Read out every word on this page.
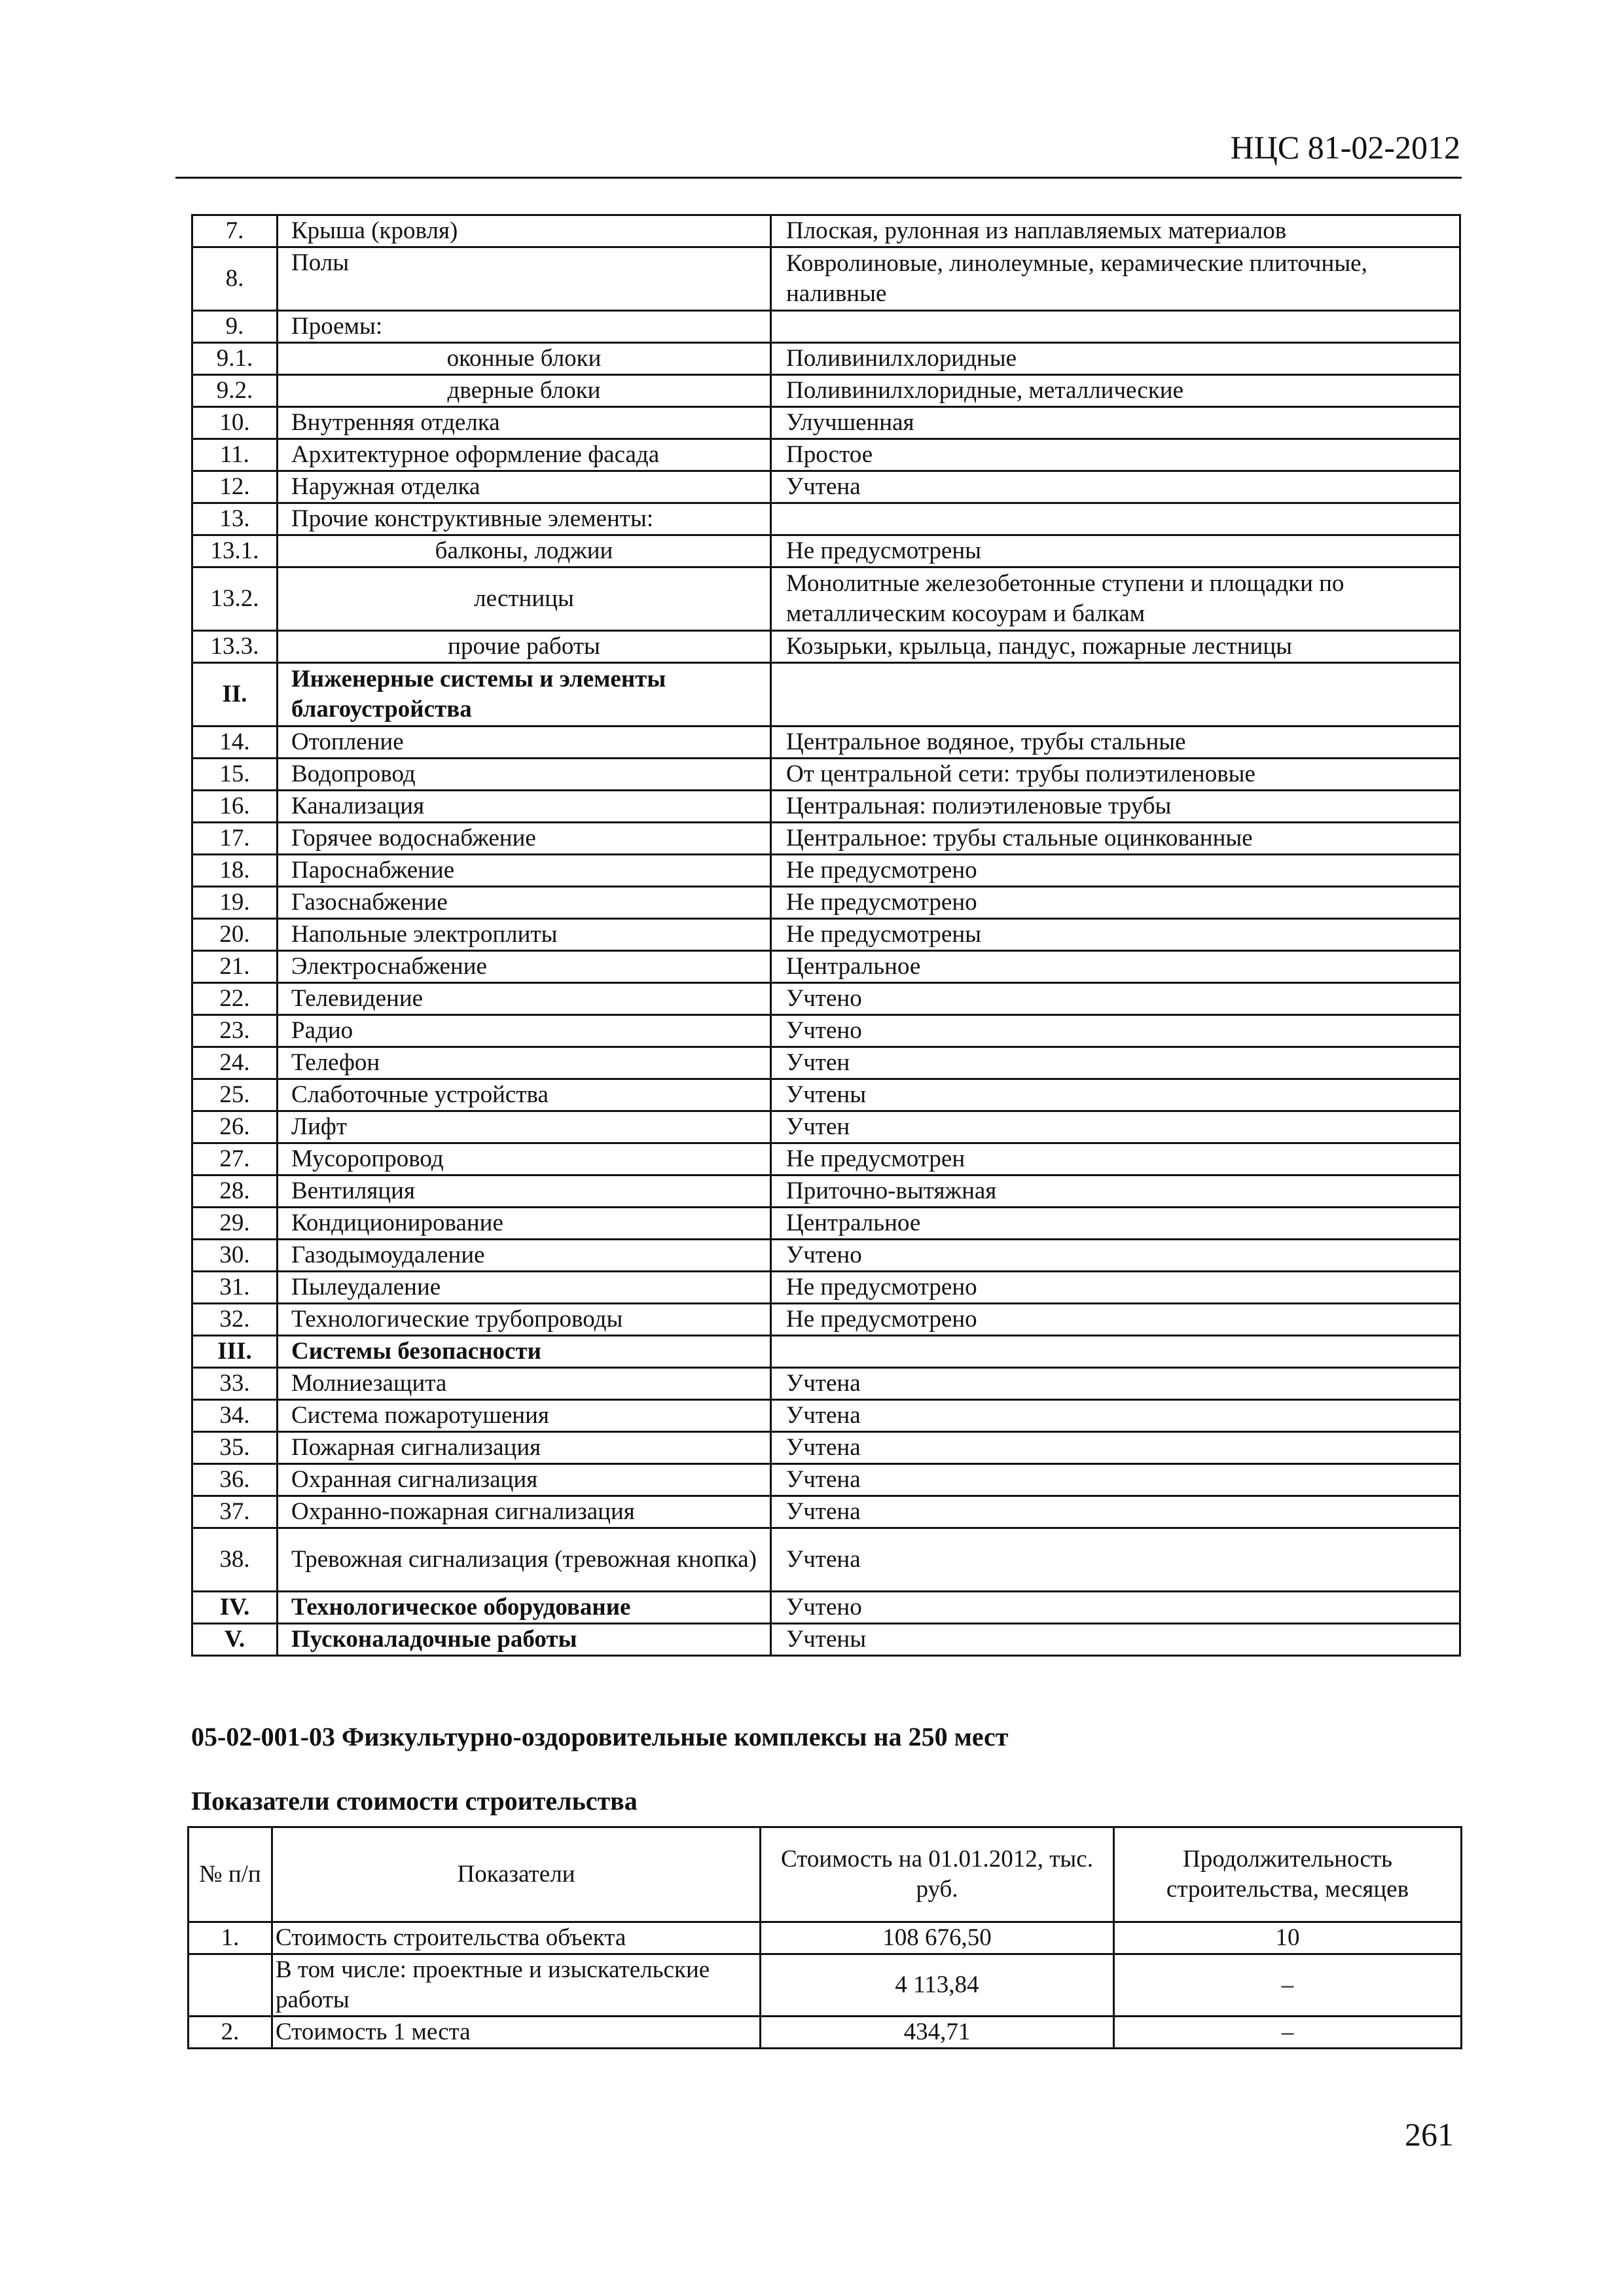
НЦС 81-02-2012
7.	Крыша (кровля)	Плоская, рулонная из наплавляемых материалов
8.	Полы	Ковролиновые, линолеумные, керамические плиточные, наливные
9.	Проемы:	
9.1.	оконные блоки	Поливинилхлоридные
9.2.	дверные блоки	Поливинилхлоридные, металлические
10.	Внутренняя отделка	Улучшенная
11.	Архитектурное оформление фасада	Простое
12.	Наружная отделка	Учтена
13.	Прочие конструктивные элементы:	
13.1.	балконы, лоджии	Не предусмотрены
13.2.	лестницы	Монолитные железобетонные ступени и площадки по металлическим косоурам и балкам
13.3.	прочие работы	Козырьки, крыльца, пандус, пожарные лестницы
II.	Инженерные системы и элементы благоустройства	
14.	Отопление	Центральное водяное, трубы стальные
15.	Водопровод	От центральной сети: трубы полиэтиленовые
16.	Канализация	Центральная: полиэтиленовые трубы
17.	Горячее водоснабжение	Центральное: трубы стальные оцинкованные
18.	Пароснабжение	Не предусмотрено
19.	Газоснабжение	Не предусмотрено
20.	Напольные электроплиты	Не предусмотрены
21.	Электроснабжение	Центральное
22.	Телевидение	Учтено
23.	Радио	Учтено
24.	Телефон	Учтен
25.	Слаботочные устройства	Учтены
26.	Лифт	Учтен
27.	Мусоропровод	Не предусмотрен
28.	Вентиляция	Приточно-вытяжная
29.	Кондиционирование	Центральное
30.	Газодымоудаление	Учтено
31.	Пылеудаление	Не предусмотрено
32.	Технологические трубопроводы	Не предусмотрено
III.	Системы безопасности	
33.	Молниезащита	Учтена
34.	Система пожаротушения	Учтена
35.	Пожарная сигнализация	Учтена
36.	Охранная сигнализация	Учтена
37.	Охранно-пожарная сигнализация	Учтена
38.	Тревожная сигнализация (тревожная кнопка)	Учтена
IV.	Технологическое оборудование	Учтено
V.	Пусконаладочные работы	Учтены
05-02-001-03 Физкультурно-оздоровительные комплексы на 250 мест
Показатели стоимости строительства
№ п/п	Показатели	Стоимость на 01.01.2012, тыс. руб.	Продолжительность строительства, месяцев
1.	Стоимость строительства объекта	108 676,50	10
	В том числе: проектные и изыскательские работы	4 113,84	–
2.	Стоимость 1 места	434,71	–
261
